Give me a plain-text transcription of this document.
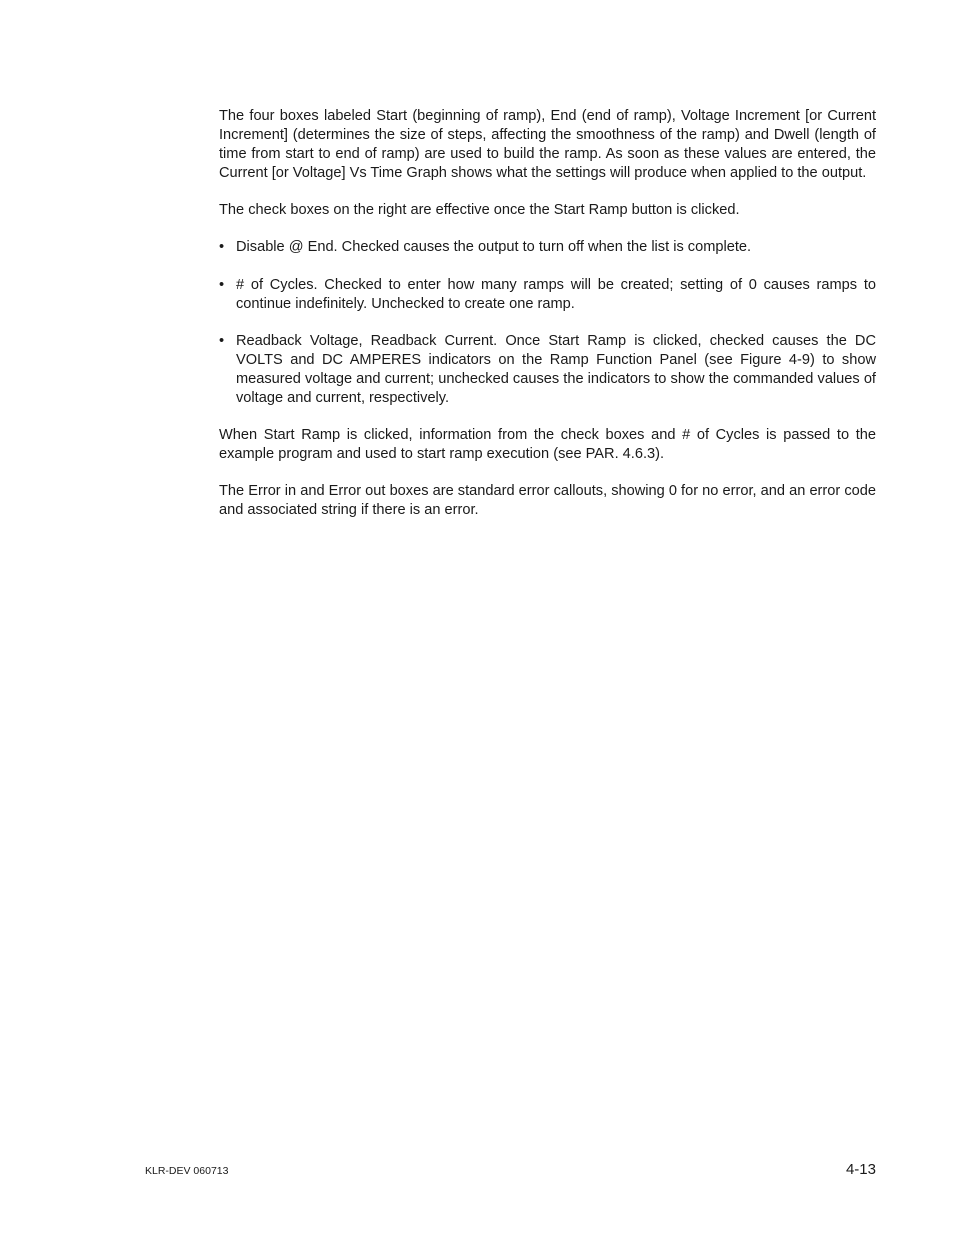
The four boxes labeled Start (beginning of ramp), End (end of ramp), Voltage Increment [or Current Increment] (determines the size of steps, affecting the smoothness of the ramp) and Dwell (length of time from start to end of ramp) are used to build the ramp. As soon as these values are entered, the Current [or Voltage] Vs Time Graph shows what the settings will produce when applied to the output.

The check boxes on the right are effective once the Start Ramp button is clicked.

• Disable @ End. Checked causes the output to turn off when the list is complete.
• # of Cycles. Checked to enter how many ramps will be created; setting of 0 causes ramps to continue indefinitely. Unchecked to create one ramp.
• Readback Voltage, Readback Current. Once Start Ramp is clicked, checked causes the DC VOLTS and DC AMPERES indicators on the Ramp Function Panel (see Figure 4-9) to show measured voltage and current; unchecked causes the indicators to show the commanded values of voltage and current, respectively.

When Start Ramp is clicked, information from the check boxes and # of Cycles is passed to the example program and used to start ramp execution (see PAR. 4.6.3).

The Error in and Error out boxes are standard error callouts, showing 0 for no error, and an error code and associated string if there is an error.

KLR-DEV 060713	4-13
